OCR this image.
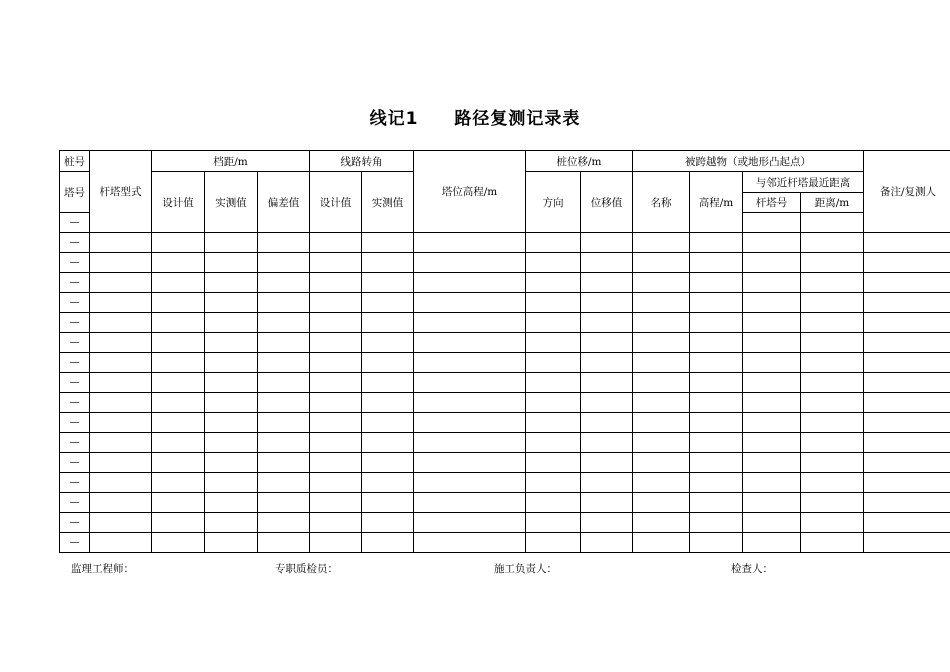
线记1　　路径复测记录表
桩号	杆塔型式	档距/m			线路转角		塔位高程/m	桩位移/m		被跨越物（或地形凸起点）				备注/复测人
塔号		设计值	实测值	偏差值	设计值	实测值		方向	位移值	名称	高程/m	与邻近杆塔最近距离		
												杆塔号	距离/m	
—														
—														
—														
—														
—														
—														
—														
—														
—														
—														
—														
—														
—														
—														
—														
—														
—														
监理工程师：	专职质检员：	施工负责人：	检查人：
